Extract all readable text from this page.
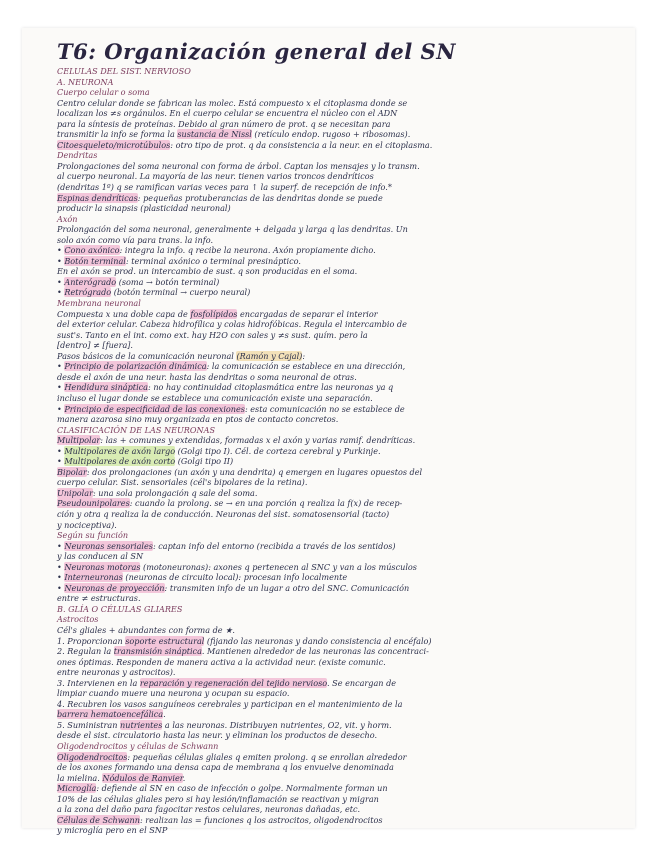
T6: Organización general del SN
CELULAS DEL SIST. NERVIOSO
A. NEURONA
Cuerpo celular o soma
Centro celular donde se fabrican las molec. Está compuesto x el citoplasma donde se
localizan los ≠s orgánulos. En el cuerpo celular se encuentra el núcleo con el ADN
para la síntesis de proteínas. Debido al gran número de prot. q se necesitan para
transmitir la info se forma la sustancia de Nissl (retículo endop. rugoso + ribosomas).
Citoesqueleto/microtúbulos: otro tipo de prot. q da consistencia a la neur. en el citoplasma.
Dendritas
Prolongaciones del soma neuronal con forma de árbol. Captan los mensajes y lo transm.
al cuerpo neuronal. La mayoría de las neur. tienen varios troncos dendríticos
(dendritas 1º) q se ramifican varias veces para ↑ la superf. de recepción de info.*
Espinas dendríticas: pequeñas protuberancias de las dendritas donde se puede
producir la sinapsis (plasticidad neuronal)
Axón
Prolongación del soma neuronal, generalmente + delgada y larga q las dendritas. Un
solo axón como vía para trans. la info.
• Cono axónico: integra la info. q recibe la neurona. Axón propiamente dicho.
• Botón terminal: terminal axónico o terminal presináptico.
En el axón se prod. un intercambio de sust. q son producidas en el soma.
• Anterógrado (soma → botón terminal)
• Retrógrado (botón terminal → cuerpo neural)
Membrana neuronal
Compuesta x una doble capa de fosfolípidos encargadas de separar el interior
del exterior celular. Cabeza hidrofílica y colas hidrofóbicas. Regula el intercambio de
sust's. Tanto en el int. como ext. hay H2O con sales y ≠s sust. quím. pero la
[dentro] ≠ [fuera].
Pasos básicos de la comunicación neuronal (Ramón y Cajal):
• Principio de polarización dinámica: la comunicación se establece en una dirección,
desde el axón de una neur. hasta las dendritas o soma neuronal de otras.
• Hendidura sináptica: no hay continuidad citoplasmática entre las neuronas ya q
incluso el lugar donde se establece una comunicación existe una separación.
• Principio de especificidad de las conexiones: esta comunicación no se establece de
manera azarosa sino muy organizada en ptos de contacto concretos.
CLASIFICACIÓN DE LAS NEURONAS
Multipolar: las + comunes y extendidas, formadas x el axón y varias ramif. dendríticas.
• Multipolares de axón largo (Golgi tipo I). Cél. de corteza cerebral y Purkinje.
• Multipolares de axón corto (Golgi tipo II)
Bipolar: dos prolongaciones (un axón y una dendrita) q emergen en lugares opuestos del
cuerpo celular. Sist. sensoriales (cél's bipolares de la retina).
Unipolar: una sola prolongación q sale del soma.
Pseudounipolares: cuando la prolong. se → en una porción q realiza la f(x) de recep-
ción y otra q realiza la de conducción. Neuronas del sist. somatosensorial (tacto)
y nociceptiva).
Según su función
• Neuronas sensoriales: captan info del entorno (recibida a través de los sentidos)
y las conducen al SN
• Neuronas motoras (motoneuronas): axones q pertenecen al SNC y van a los músculos
• Interneuronas (neuronas de circuito local): procesan info localmente
• Neuronas de proyección: transmiten info de un lugar a otro del SNC. Comunicación
entre ≠ estructuras.
B. GLÍA O CÉLULAS GLIARES
Astrocitos
Cél's gliales + abundantes con forma de ★.
1. Proporcionan soporte estructural (fijando las neuronas y dando consistencia al encéfalo)
2. Regulan la transmisión sináptica. Mantienen alrededor de las neuronas las concentraci-
ones óptimas. Responden de manera activa a la actividad neur. (existe comunic.
entre neuronas y astrocitos).
3. Intervienen en la reparación y regeneración del tejido nervioso. Se encargan de
limpiar cuando muere una neurona y ocupan su espacio.
4. Recubren los vasos sanguíneos cerebrales y participan en el mantenimiento de la
barrera hematoencefálica.
5. Suministran nutrientes a las neuronas. Distribuyen nutrientes, O2, vit. y horm.
desde el sist. circulatorio hasta las neur. y eliminan los productos de desecho.
Oligodendrocitos y células de Schwann
Oligodendrocitos: pequeñas células gliales q emiten prolong. q se enrollan alrededor
de los axones formando una densa capa de membrana q los envuelve denominada
la mielina. Nódulos de Ranvier.
Microglía: defiende al SN en caso de infección o golpe. Normalmente forman un
10% de las células gliales pero si hay lesión/inflamación se reactivan y migran
a la zona del daño para fagocitar restos celulares, neuronas dañadas, etc.
Células de Schwann: realizan las = funciones q los astrocitos, oligodendrocitos
y microglía pero en el SNP
